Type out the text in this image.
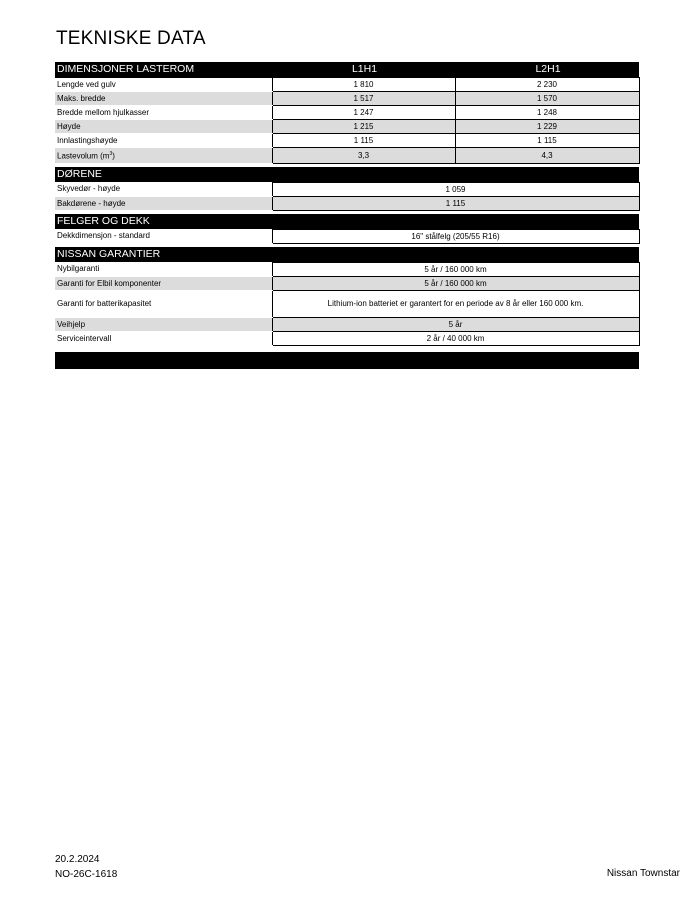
TEKNISKE DATA
DIMENSJONER LASTEROM	L1H1	L2H1
Lengde ved gulv	1 810	2 230
Maks. bredde	1 517	1 570
Bredde mellom hjulkasser	1 247	1 248
Høyde	1 215	1 229
Innlastingshøyde	1 115	1 115
Lastevolum $(m^3)$	3,3	4,3

DØRENE		
Skyvedør - høyde	1 059	
Bakdørene - høyde	1 115	

FELGER OG DEKK		
Dekkdimensjon - standard	16" stålfelg (205/55 R16)	

NISSAN GARANTIER		
Nybilgaranti	5 år / 160 000 km	
Garanti for Elbil komponenter	5 år / 160 000 km	
Garanti for batterikapasitet	Lithium-ion batteriet er garantert for en periode av 8 år eller 160 000 km.	
Veihjelp	5 år	
Serviceintervall	2 år / 40 000 km	
20.2.2024
NO-26C-1618	Nissan Townstar
